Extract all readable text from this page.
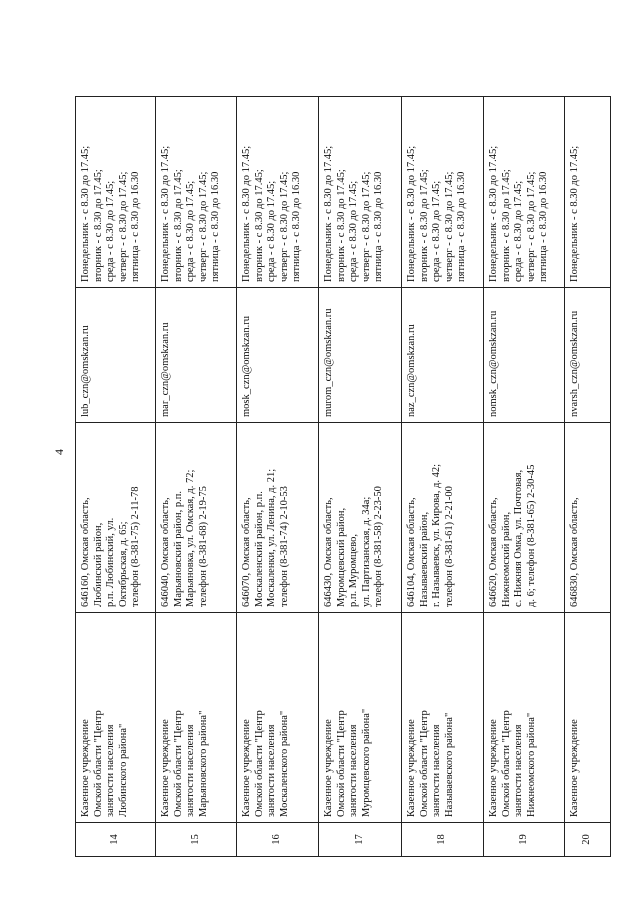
4
14	Казенное учреждение
Омской области "Центр
занятости населения
Любинского района"	646160, Омская область,
Любинский район,
р.п. Любинский, ул.
Октябрьская, д. 65;
телефон (8-381-75) 2-11-78	lub_czn@omskzan.ru	Понедельник - с 8.30 до 17.45;
вторник - с 8.30 до 17.45;
среда - с 8.30 до 17.45;
четверг - с 8.30 до 17.45;
пятница - с 8.30 до 16.30
15	Казенное учреждение
Омской области "Центр
занятости населения
Марьяновского района"	646040, Омская область,
Марьяновский район, р.п.
Марьяновка, ул. Омская, д. 72;
телефон (8-381-68) 2-19-75	mar_czn@omskzan.ru	Понедельник - с 8.30 до 17.45;
вторник - с 8.30 до 17.45;
среда - с 8.30 до 17.45;
четверг - с 8.30 до 17.45;
пятница - с 8.30 до 16.30
16	Казенное учреждение
Омской области "Центр
занятости населения
Москаленского района"	646070, Омская область,
Москаленский район, р.п.
Москаленки, ул. Ленина, д. 21;
телефон (8-381-74) 2-10-53	mosk_czn@omskzan.ru	Понедельник - с 8.30 до 17.45;
вторник - с 8.30 до 17.45;
среда - с 8.30 до 17.45;
четверг - с 8.30 до 17.45;
пятница - с 8.30 до 16.30
17	Казенное учреждение
Омской области "Центр
занятости населения
Муромцевского района"	646430, Омская область,
Муромцевский район,
р.п. Муромцево,
ул. Партизанская, д. 34а;
телефон (8-381-58) 2-23-50	murom_czn@omskzan.ru	Понедельник - с 8.30 до 17.45;
вторник - с 8.30 до 17.45;
среда - с 8.30 до 17.45;
четверг - с 8.30 до 17.45;
пятница - с 8.30 до 16.30
18	Казенное учреждение
Омской области "Центр
занятости населения
Называевского района"	646104, Омская область,
Называевский район,
г. Называевск, ул. Кирова, д. 42;
телефон (8-381-61) 2-21-00	naz_czn@omskzan.ru	Понедельник - с 8.30 до 17.45;
вторник - с 8.30 до 17.45;
среда - с 8.30 до 17.45;
четверг - с 8.30 до 17.45;
пятница - с 8.30 до 16.30
19	Казенное учреждение
Омской области "Центр
занятости населения
Нижнеомского района"	646620, Омская область,
Нижнеомский район,
с. Нижняя Омка, ул. Почтовая,
д. 6; телефон (8-381-65) 2-30-45	nomsk_czn@omskzan.ru	Понедельник - с 8.30 до 17.45;
вторник - с 8.30 до 17.45;
среда - с 8.30 до 17.45;
четверг - с 8.30 до 17.45;
пятница - с 8.30 до 16.30
20	Казенное учреждение	646830, Омская область,	nvarsh_czn@omskzan.ru	Понедельник - с 8.30 до 17.45;
